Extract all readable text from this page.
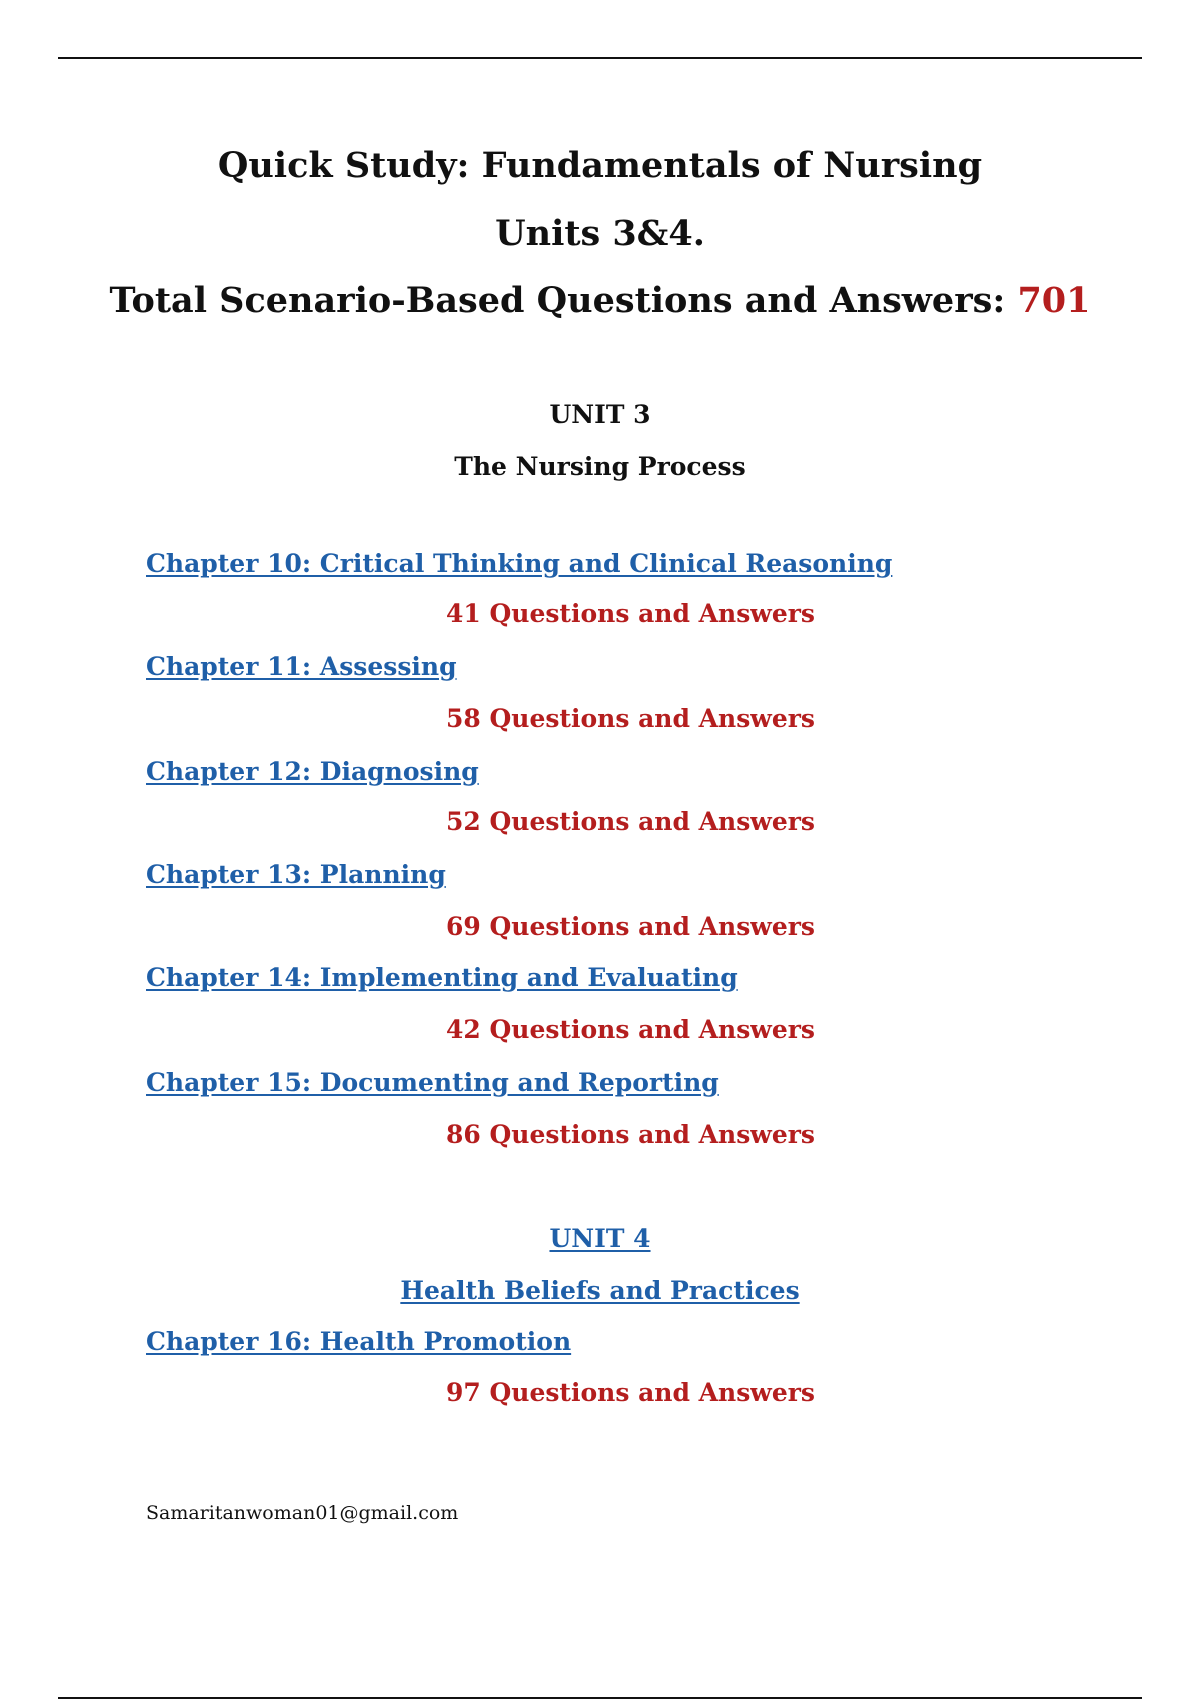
Quick Study: Fundamentals of Nursing
Units 3&4.
Total Scenario-Based Questions and Answers: 701
UNIT 3
The Nursing Process
Chapter 10: Critical Thinking and Clinical Reasoning
41 Questions and Answers
Chapter 11: Assessing
58 Questions and Answers
Chapter 12: Diagnosing
52 Questions and Answers
Chapter 13: Planning
69 Questions and Answers
Chapter 14: Implementing and Evaluating
42 Questions and Answers
Chapter 15: Documenting and Reporting
86 Questions and Answers
UNIT 4
Health Beliefs and Practices
Chapter 16: Health Promotion
97 Questions and Answers
Samaritanwoman01@gmail.com
